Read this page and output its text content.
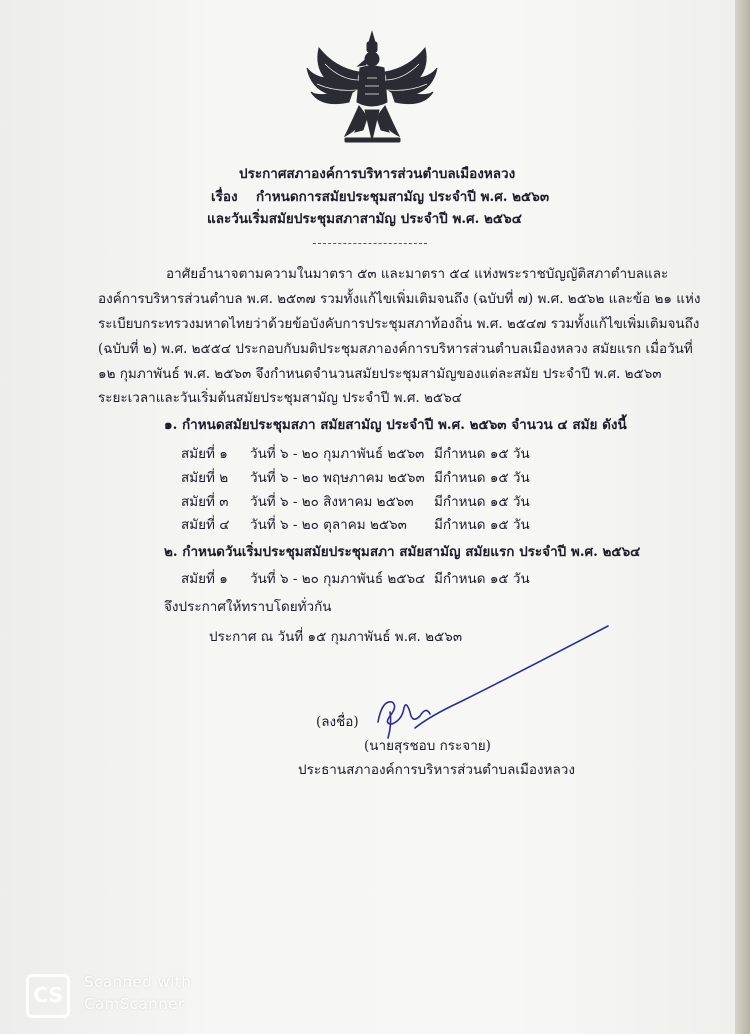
ประกาศสภาองค์การบริหารส่วนตำบลเมืองหลวง
เรื่อง กำหนดการสมัยประชุมสามัญ ประจำปี พ.ศ. ๒๕๖๓
และวันเริ่มสมัยประชุมสภาสามัญ ประจำปี พ.ศ. ๒๕๖๔
อาศัยอำนาจตามความในมาตรา ๕๓ และมาตรา ๕๔ แห่งพระราชบัญญัติสภาตำบลและ
องค์การบริหารส่วนตำบล พ.ศ. ๒๕๓๗ รวมทั้งแก้ไขเพิ่มเติมจนถึง (ฉบับที่ ๗) พ.ศ. ๒๕๖๒ และข้อ ๒๑ แห่ง
ระเบียบกระทรวงมหาดไทยว่าด้วยข้อบังคับการประชุมสภาท้องถิ่น พ.ศ. ๒๕๔๗ รวมทั้งแก้ไขเพิ่มเติมจนถึง
(ฉบับที่ ๒) พ.ศ. ๒๕๕๔ ประกอบกับมติประชุมสภาองค์การบริหารส่วนตำบลเมืองหลวง สมัยแรก เมื่อวันที่
๑๒ กุมภาพันธ์ พ.ศ. ๒๕๖๓ จึงกำหนดจำนวนสมัยประชุมสามัญของแต่ละสมัย ประจำปี พ.ศ. ๒๕๖๓
ระยะเวลาและวันเริ่มต้นสมัยประชุมสามัญ ประจำปี พ.ศ. ๒๕๖๔
๑. กำหนดสมัยประชุมสภา สมัยสามัญ ประจำปี พ.ศ. ๒๕๖๓ จำนวน ๔ สมัย ดังนี้
สมัยที่ ๑ วันที่ ๖ - ๒๐ กุมภาพันธ์ ๒๕๖๓ มีกำหนด ๑๕ วัน
สมัยที่ ๒ วันที่ ๖ - ๒๐ พฤษภาคม ๒๕๖๓ มีกำหนด ๑๕ วัน
สมัยที่ ๓ วันที่ ๖ - ๒๐ สิงหาคม ๒๕๖๓ มีกำหนด ๑๕ วัน
สมัยที่ ๔ วันที่ ๖ - ๒๐ ตุลาคม ๒๕๖๓ มีกำหนด ๑๕ วัน
๒. กำหนดวันเริ่มประชุมสมัยประชุมสภา สมัยสามัญ สมัยแรก ประจำปี พ.ศ. ๒๕๖๔
สมัยที่ ๑ วันที่ ๖ - ๒๐ กุมภาพันธ์ ๒๕๖๔ มีกำหนด ๑๕ วัน
จึงประกาศให้ทราบโดยทั่วกัน
ประกาศ ณ วันที่ ๑๕ กุมภาพันธ์ พ.ศ. ๒๕๖๓
(ลงชื่อ)
(นายสุรชอบ กระจาย)
ประธานสภาองค์การบริหารส่วนตำบลเมืองหลวง
CS
Scanned with
CamScanner
